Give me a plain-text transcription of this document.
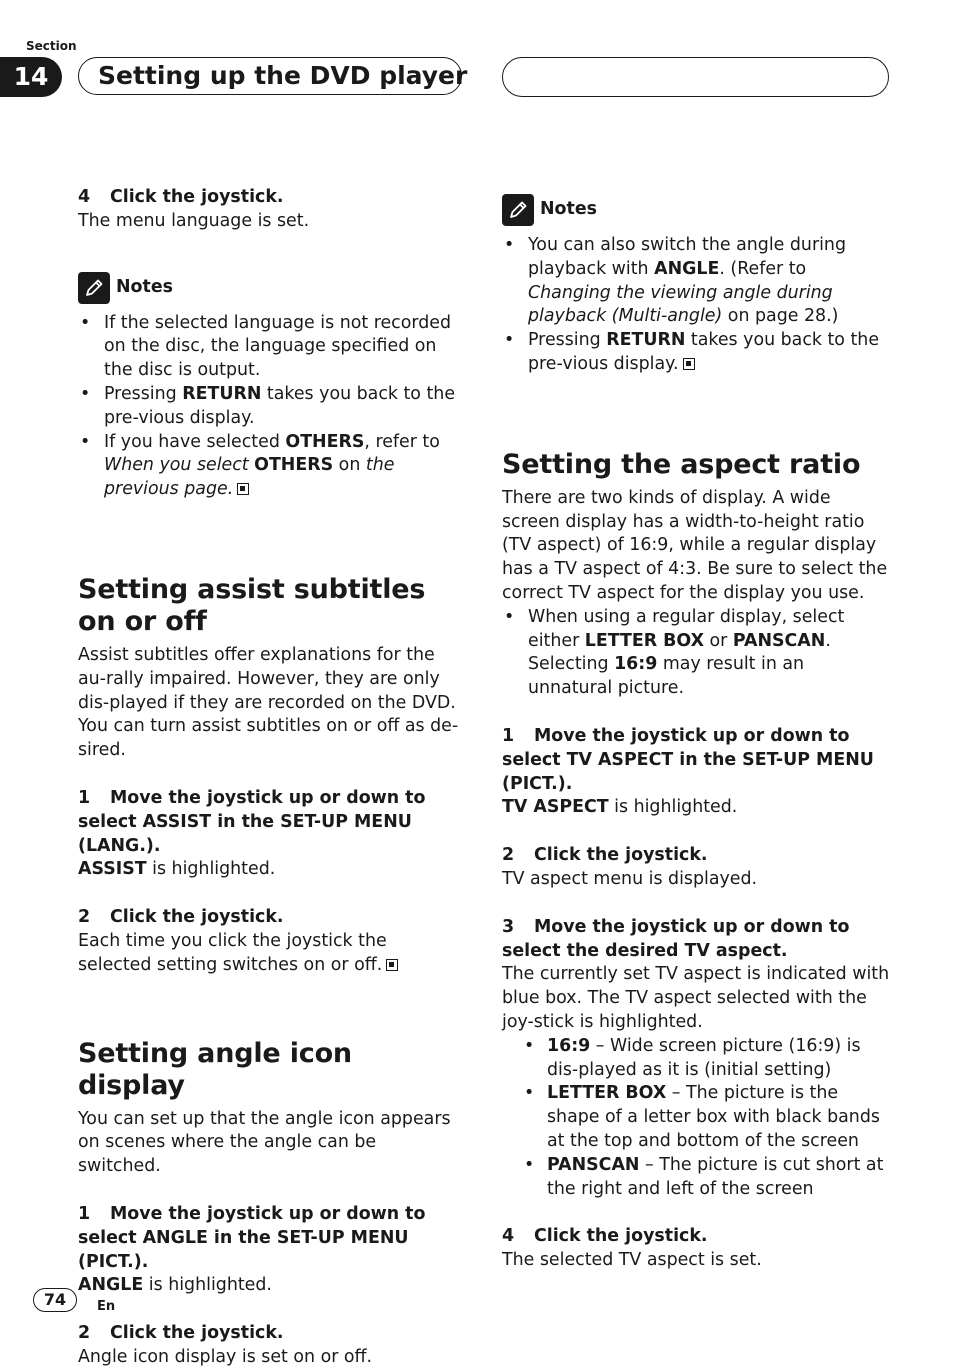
Section
14	Setting up the DVD player

4 Click the joystick.

The menu language is set.

Notes
• If the selected language is not recorded on the disc, the language specified on the disc is output.
• Pressing RETURN takes you back to the pre-vious display.
• If you have selected OTHERS, refer to When you select OTHERS on the previous page.
Setting assist subtitles on or off

Assist subtitles offer explanations for the au-rally impaired. However, they are only dis-played if they are recorded on the DVD.

You can turn assist subtitles on or off as de-sired.

1 Move the joystick up or down to select ASSIST in the SET-UP MENU (LANG.).

ASSIST is highlighted.

2 Click the joystick.

Each time you click the joystick the selected setting switches on or off.

Setting angle icon display

You can set up that the angle icon appears on scenes where the angle can be switched.

1 Move the joystick up or down to select ANGLE in the SET-UP MENU (PICT.).

ANGLE is highlighted.

2 Click the joystick.

Angle icon display is set on or off.

Notes
• You can also switch the angle during playback with ANGLE. (Refer to Changing the viewing angle during playback (Multi-angle) on page 28.)
• Pressing RETURN takes you back to the pre-vious display.
Setting the aspect ratio

There are two kinds of display. A wide screen display has a width-to-height ratio (TV aspect) of 16:9, while a regular display has a TV aspect of 4:3. Be sure to select the correct TV aspect for the display you use.

• When using a regular display, select either LETTER BOX or PANSCAN. Selecting 16:9 may result in an unnatural picture.

1 Move the joystick up or down to select TV ASPECT in the SET-UP MENU (PICT.).

TV ASPECT is highlighted.

2 Click the joystick.

TV aspect menu is displayed.

3 Move the joystick up or down to select the desired TV aspect.

The currently set TV aspect is indicated with blue box. The TV aspect selected with the joy-stick is highlighted.

• 16:9 – Wide screen picture (16:9) is dis-played as it is (initial setting)
• LETTER BOX – The picture is the shape of a letter box with black bands at the top and bottom of the screen
• PANSCAN – The picture is cut short at the right and left of the screen

4 Click the joystick.

The selected TV aspect is set.

74	En
